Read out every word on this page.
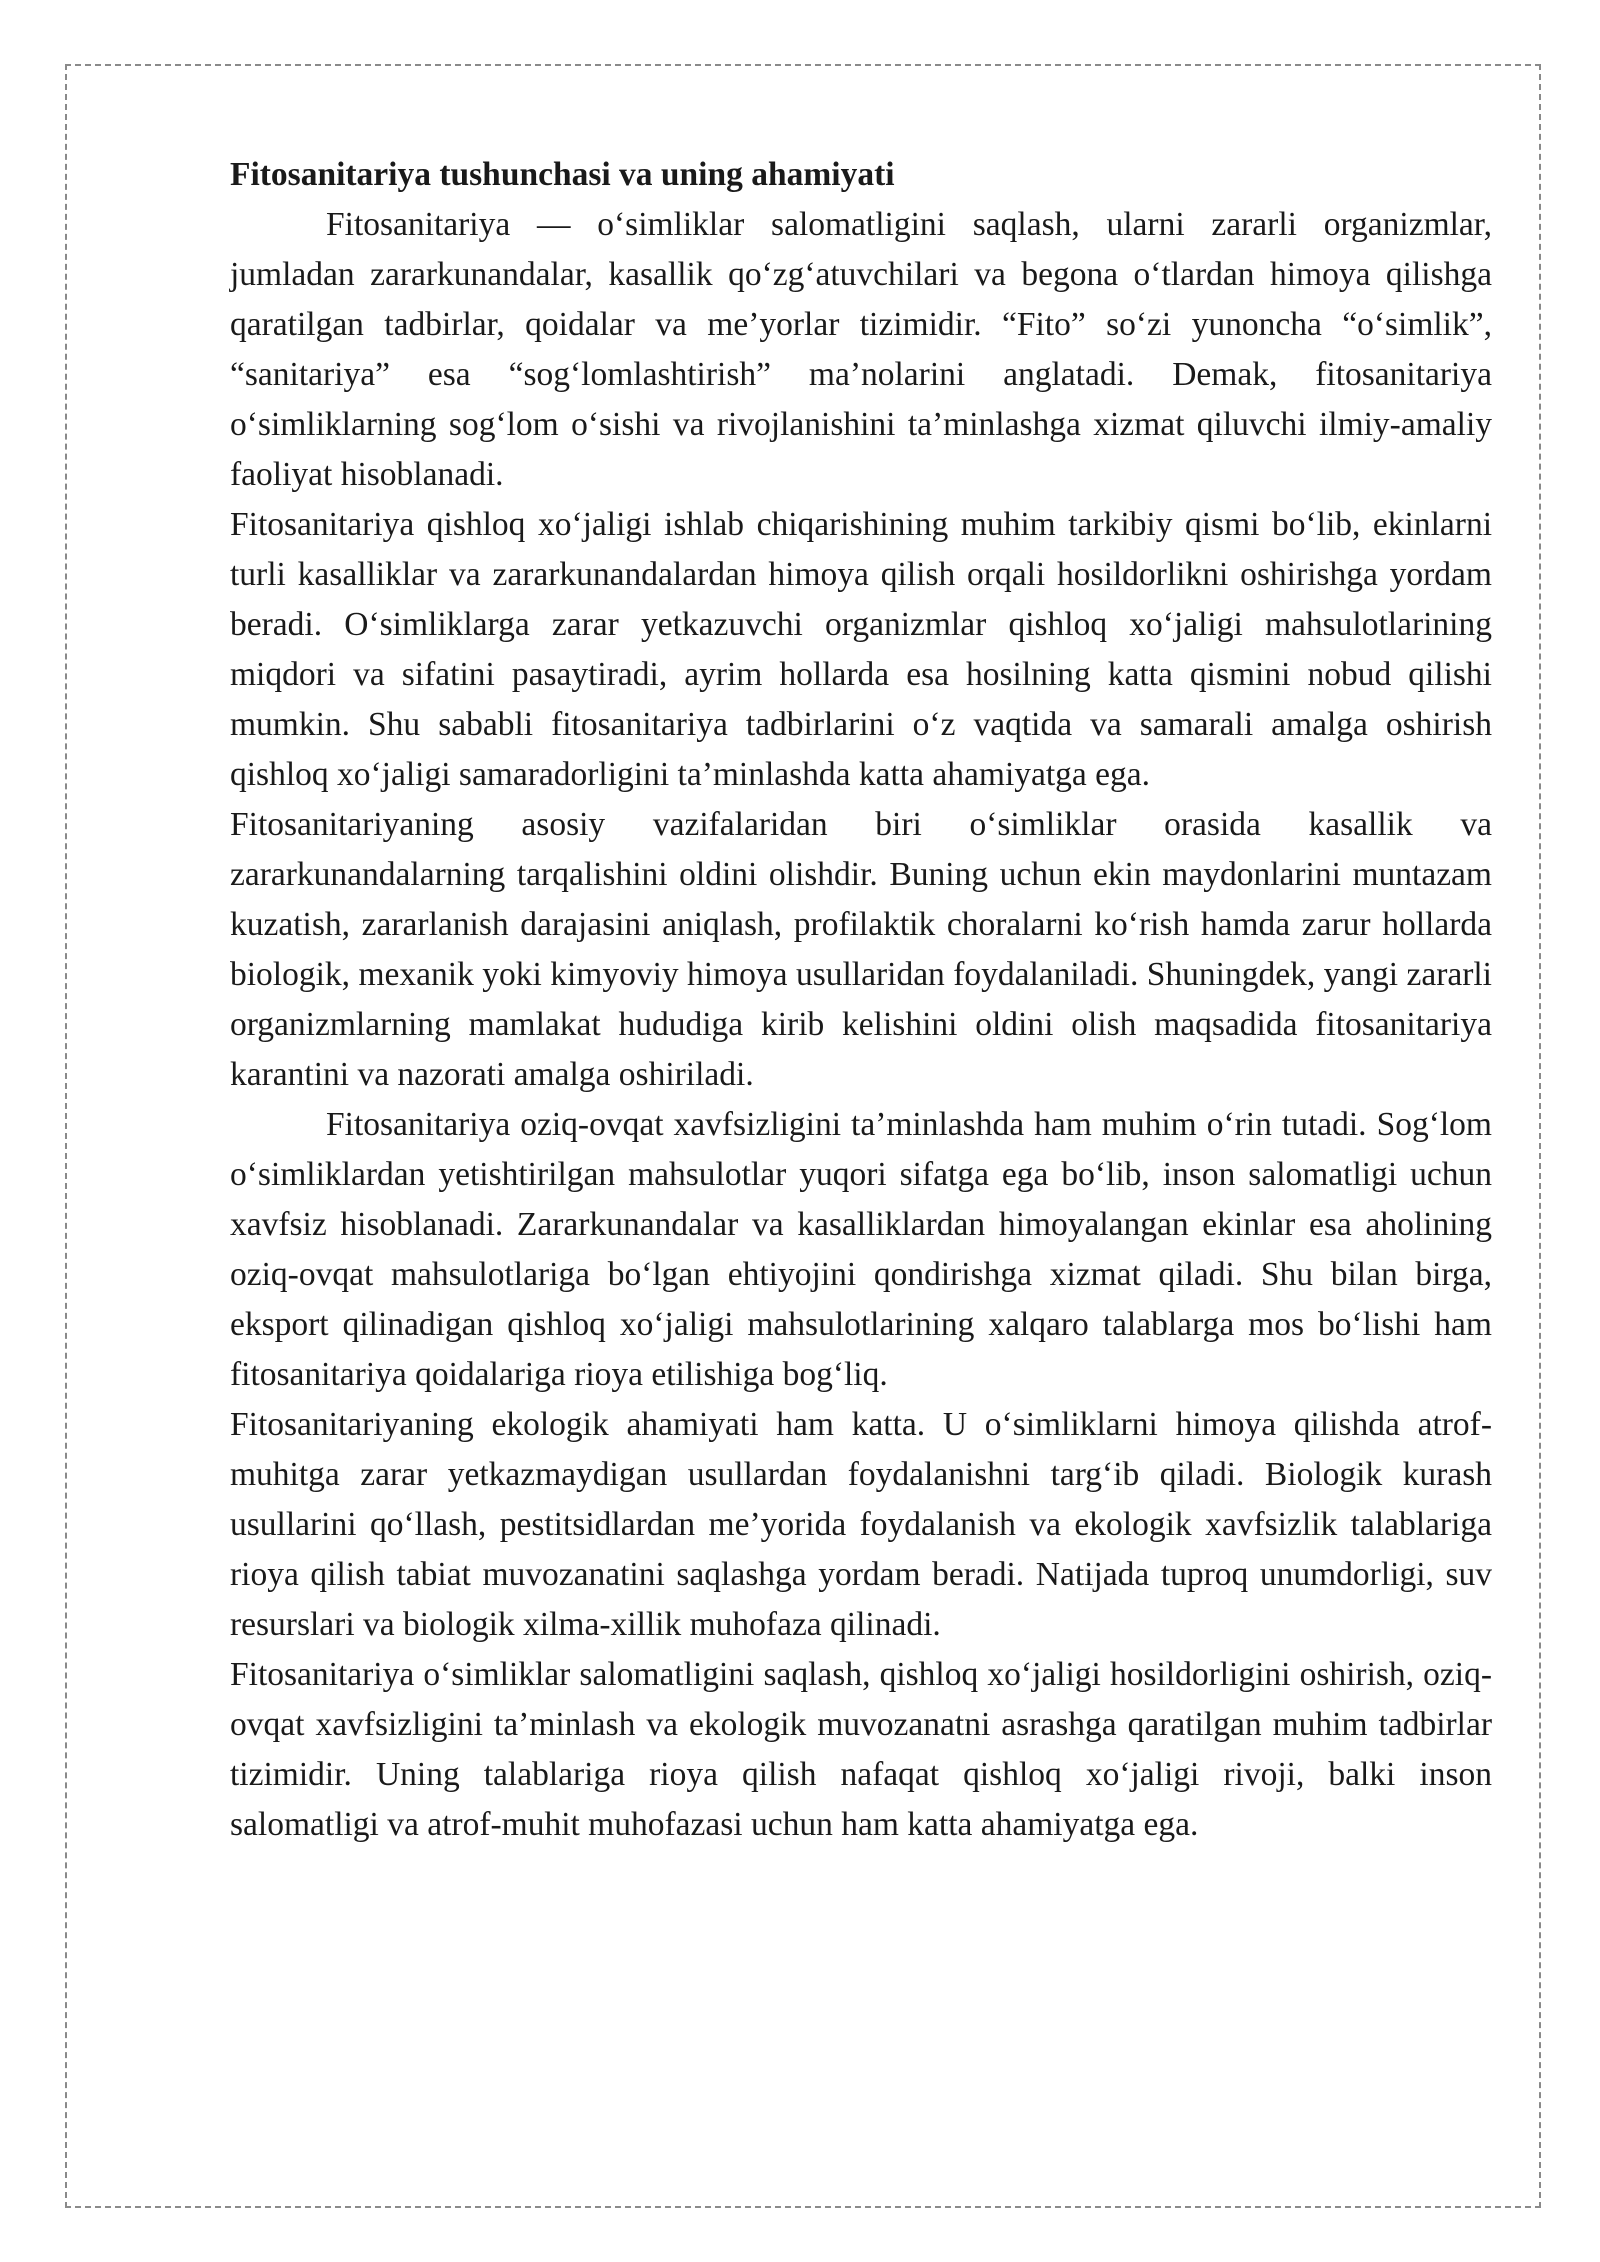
Fitosanitariya tushunchasi va uning ahamiyati

Fitosanitariya — o‘simliklar salomatligini saqlash, ularni zararli organizmlar, jumladan zararkunandalar, kasallik qo‘zg‘atuvchilari va begona o‘tlardan himoya qilishga qaratilgan tadbirlar, qoidalar va me’yorlar tizimidir. “Fito” so‘zi yunoncha “o‘simlik”, “sanitariya” esa “sog‘lomlashtirish” ma’nolarini anglatadi. Demak, fitosanitariya o‘simliklarning sog‘lom o‘sishi va rivojlanishini ta’minlashga xizmat qiluvchi ilmiy-amaliy faoliyat hisoblanadi.

Fitosanitariya qishloq xo‘jaligi ishlab chiqarishining muhim tarkibiy qismi bo‘lib, ekinlarni turli kasalliklar va zararkunandalardan himoya qilish orqali hosildorlikni oshirishga yordam beradi. O‘simliklarga zarar yetkazuvchi organizmlar qishloq xo‘jaligi mahsulotlarining miqdori va sifatini pasaytiradi, ayrim hollarda esa hosilning katta qismini nobud qilishi mumkin. Shu sababli fitosanitariya tadbirlarini o‘z vaqtida va samarali amalga oshirish qishloq xo‘jaligi samaradorligini ta’minlashda katta ahamiyatga ega.

Fitosanitariyaning asosiy vazifalaridan biri o‘simliklar orasida kasallik va zararkunandalarning tarqalishini oldini olishdir. Buning uchun ekin maydonlarini muntazam kuzatish, zararlanish darajasini aniqlash, profilaktik choralarni ko‘rish hamda zarur hollarda biologik, mexanik yoki kimyoviy himoya usullaridan foydalaniladi. Shuningdek, yangi zararli organizmlarning mamlakat hududiga kirib kelishini oldini olish maqsadida fitosanitariya karantini va nazorati amalga oshiriladi.

Fitosanitariya oziq-ovqat xavfsizligini ta’minlashda ham muhim o‘rin tutadi. Sog‘lom o‘simliklardan yetishtirilgan mahsulotlar yuqori sifatga ega bo‘lib, inson salomatligi uchun xavfsiz hisoblanadi. Zararkunandalar va kasalliklardan himoyalangan ekinlar esa aholining oziq-ovqat mahsulotlariga bo‘lgan ehtiyojini qondirishga xizmat qiladi. Shu bilan birga, eksport qilinadigan qishloq xo‘jaligi mahsulotlarining xalqaro talablarga mos bo‘lishi ham fitosanitariya qoidalariga rioya etilishiga bog‘liq.

Fitosanitariyaning ekologik ahamiyati ham katta. U o‘simliklarni himoya qilishda atrof-muhitga zarar yetkazmaydigan usullardan foydalanishni targ‘ib qiladi. Biologik kurash usullarini qo‘llash, pestitsidlardan me’yorida foydalanish va ekologik xavfsizlik talablariga rioya qilish tabiat muvozanatini saqlashga yordam beradi. Natijada tuproq unumdorligi, suv resurslari va biologik xilma-xillik muhofaza qilinadi.

Fitosanitariya o‘simliklar salomatligini saqlash, qishloq xo‘jaligi hosildorligini oshirish, oziq-ovqat xavfsizligini ta’minlash va ekologik muvozanatni asrashga qaratilgan muhim tadbirlar tizimidir. Uning talablariga rioya qilish nafaqat qishloq xo‘jaligi rivoji, balki inson salomatligi va atrof-muhit muhofazasi uchun ham katta ahamiyatga ega.
